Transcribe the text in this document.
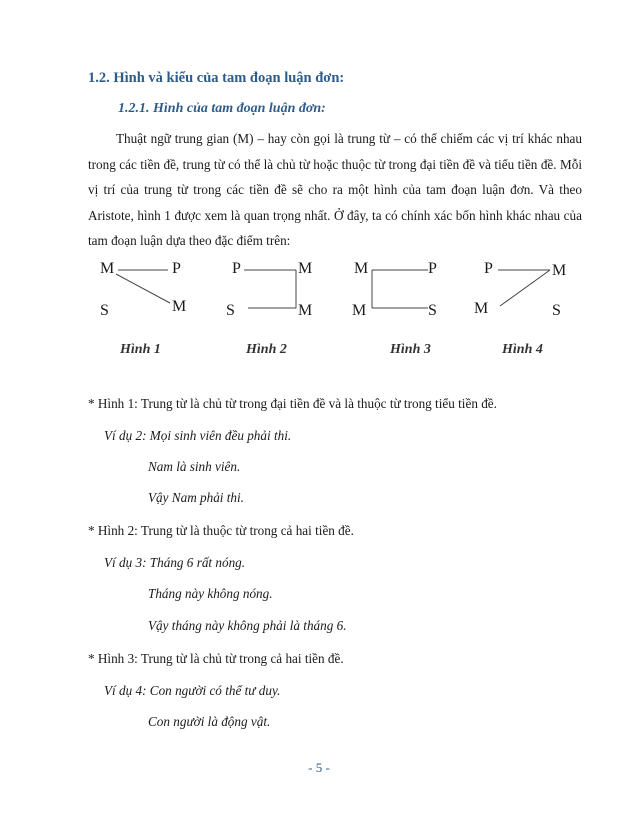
1.2. Hình và kiểu của tam đoạn luận đơn:
1.2.1. Hình của tam đoạn luận đơn:

Thuật ngữ trung gian (M) – hay còn gọi là trung từ – có thể chiếm các vị trí khác nhau trong các tiền đề, trung từ có thể là chủ từ hoặc thuộc từ trong đại tiền đề và tiểu tiền đề. Mỗi vị trí của trung từ trong các tiền đề sẽ cho ra một hình của tam đoạn luận đơn. Và theo Aristote, hình 1 được xem là quan trọng nhất. Ở đây, ta có chính xác bốn hình khác nhau của tam đoạn luận dựa theo đặc điểm trên:

M	P
S	M
Hình 1
P	M
S	M
Hình 2
M	P
M	S
Hình 3
P	M
M	S
Hình 4
* Hình 1: Trung từ là chủ từ trong đại tiền đề và là thuộc từ trong tiểu tiền đề.
Ví dụ 2: Mọi sinh viên đều phải thi.
Nam là sinh viên.
Vậy Nam phải thi.
* Hình 2: Trung từ là thuộc từ trong cả hai tiền đề.
Ví dụ 3: Tháng 6 rất nóng.
Tháng này không nóng.
Vậy tháng này không phải là tháng 6.
* Hình 3: Trung từ là chủ từ trong cả hai tiền đề.
Ví dụ 4: Con người có thể tư duy.
Con người là động vật.
- 5 -
